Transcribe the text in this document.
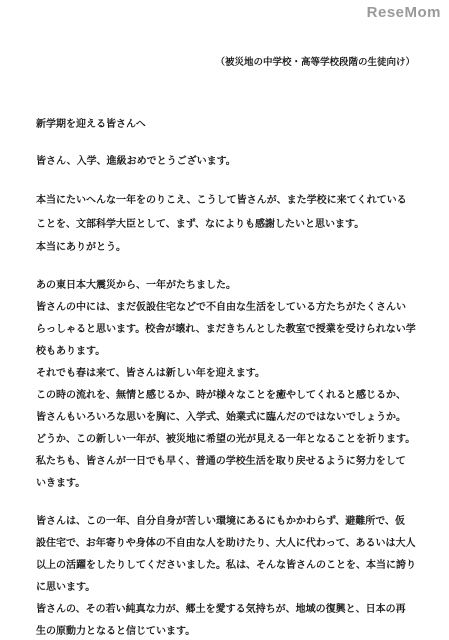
ReseMom
（被災地の中学校・高等学校段階の生徒向け）
新学期を迎える皆さんへ
皆さん、入学、進級おめでとうございます。
本当にたいへんな一年をのりこえ、こうして皆さんが、また学校に来てくれている
ことを、文部科学大臣として、まず、なによりも感謝したいと思います。
本当にありがとう。
あの東日本大震災から、一年がたちました。
皆さんの中には、まだ仮設住宅などで不自由な生活をしている方たちがたくさんい
らっしゃると思います。校舎が壊れ、まだきちんとした教室で授業を受けられない学
校もあります。
それでも春は来て、皆さんは新しい年を迎えます。
この時の流れを、無情と感じるか、時が様々なことを癒やしてくれると感じるか、
皆さんもいろいろな思いを胸に、入学式、始業式に臨んだのではないでしょうか。
どうか、この新しい一年が、被災地に希望の光が見える一年となることを祈ります。
私たちも、皆さんが一日でも早く、普通の学校生活を取り戻せるように努力をして
いきます。
皆さんは、この一年、自分自身が苦しい環境にあるにもかかわらず、避難所で、仮
設住宅で、お年寄りや身体の不自由な人を助けたり、大人に代わって、あるいは大人
以上の活躍をしたりしてくださいました。私は、そんな皆さんのことを、本当に誇り
に思います。
皆さんの、その若い純真な力が、郷土を愛する気持ちが、地域の復興と、日本の再
生の原動力となると信じています。
